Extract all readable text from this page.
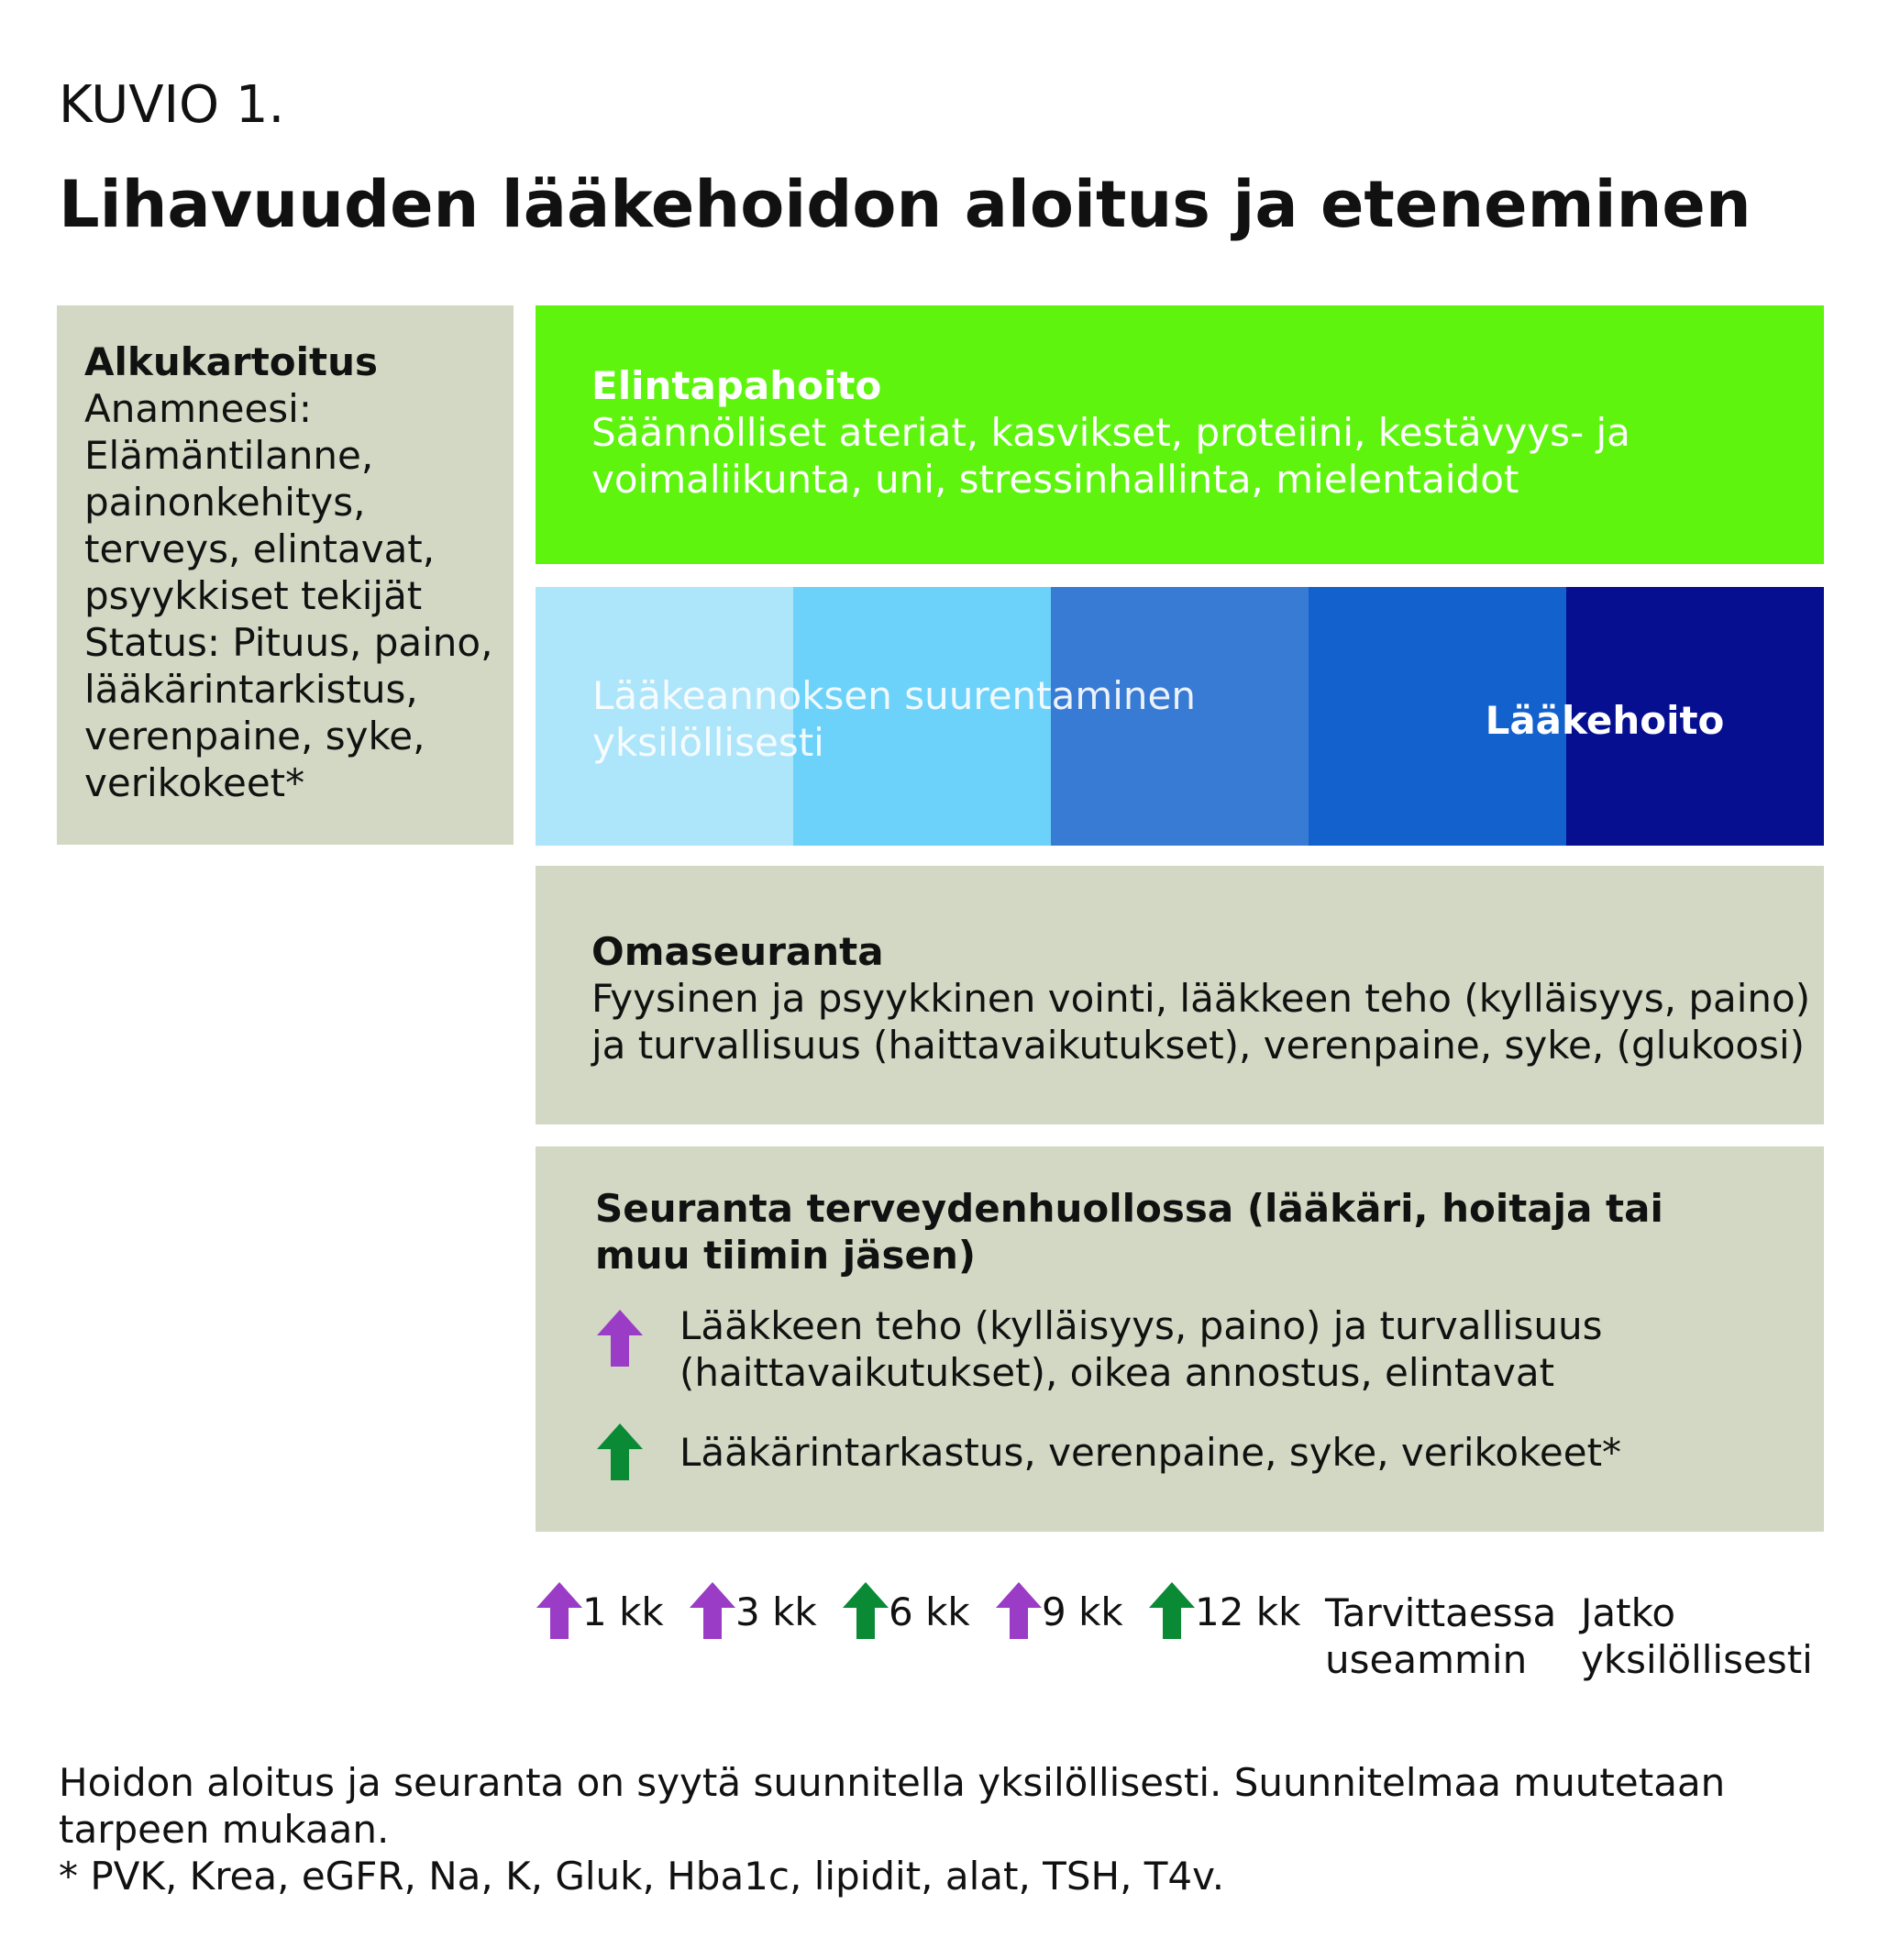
KUVIO 1.
Lihavuuden lääkehoidon aloitus ja eteneminen
Alkukartoitus
Anamneesi:
Elämäntilanne,
painonkehitys,
terveys, elintavat,
psyykkiset tekijät
Status: Pituus, paino,
lääkärintarkistus,
verenpaine, syke,
verikokeet*
Elintapahoito
Säännölliset ateriat, kasvikset, proteiini, kestävyys- ja
voimaliikunta, uni, stressinhallinta, mielentaidot
Lääkeannoksen suurentaminen
yksilöllisesti	Lääkehoito
Omaseuranta
Fyysinen ja psyykkinen vointi, lääkkeen teho (kylläisyys, paino)
ja turvallisuus (haittavaikutukset), verenpaine, syke, (glukoosi)
Seuranta terveydenhuollossa (lääkäri, hoitaja tai
muu tiimin jäsen)
Lääkkeen teho (kylläisyys, paino) ja turvallisuus
(haittavaikutukset), oikea annostus, elintavat
Lääkärintarkastus, verenpaine, syke, verikokeet*
1 kk 3 kk 6 kk 9 kk 12 kk Tarvittaessa
useammin
Jatko
yksilöllisesti
Hoidon aloitus ja seuranta on syytä suunnitella yksilöllisesti. Suunnitelmaa muutetaan
tarpeen mukaan.
* PVK, Krea, eGFR, Na, K, Gluk, Hba1c, lipidit, alat, TSH, T4v.
